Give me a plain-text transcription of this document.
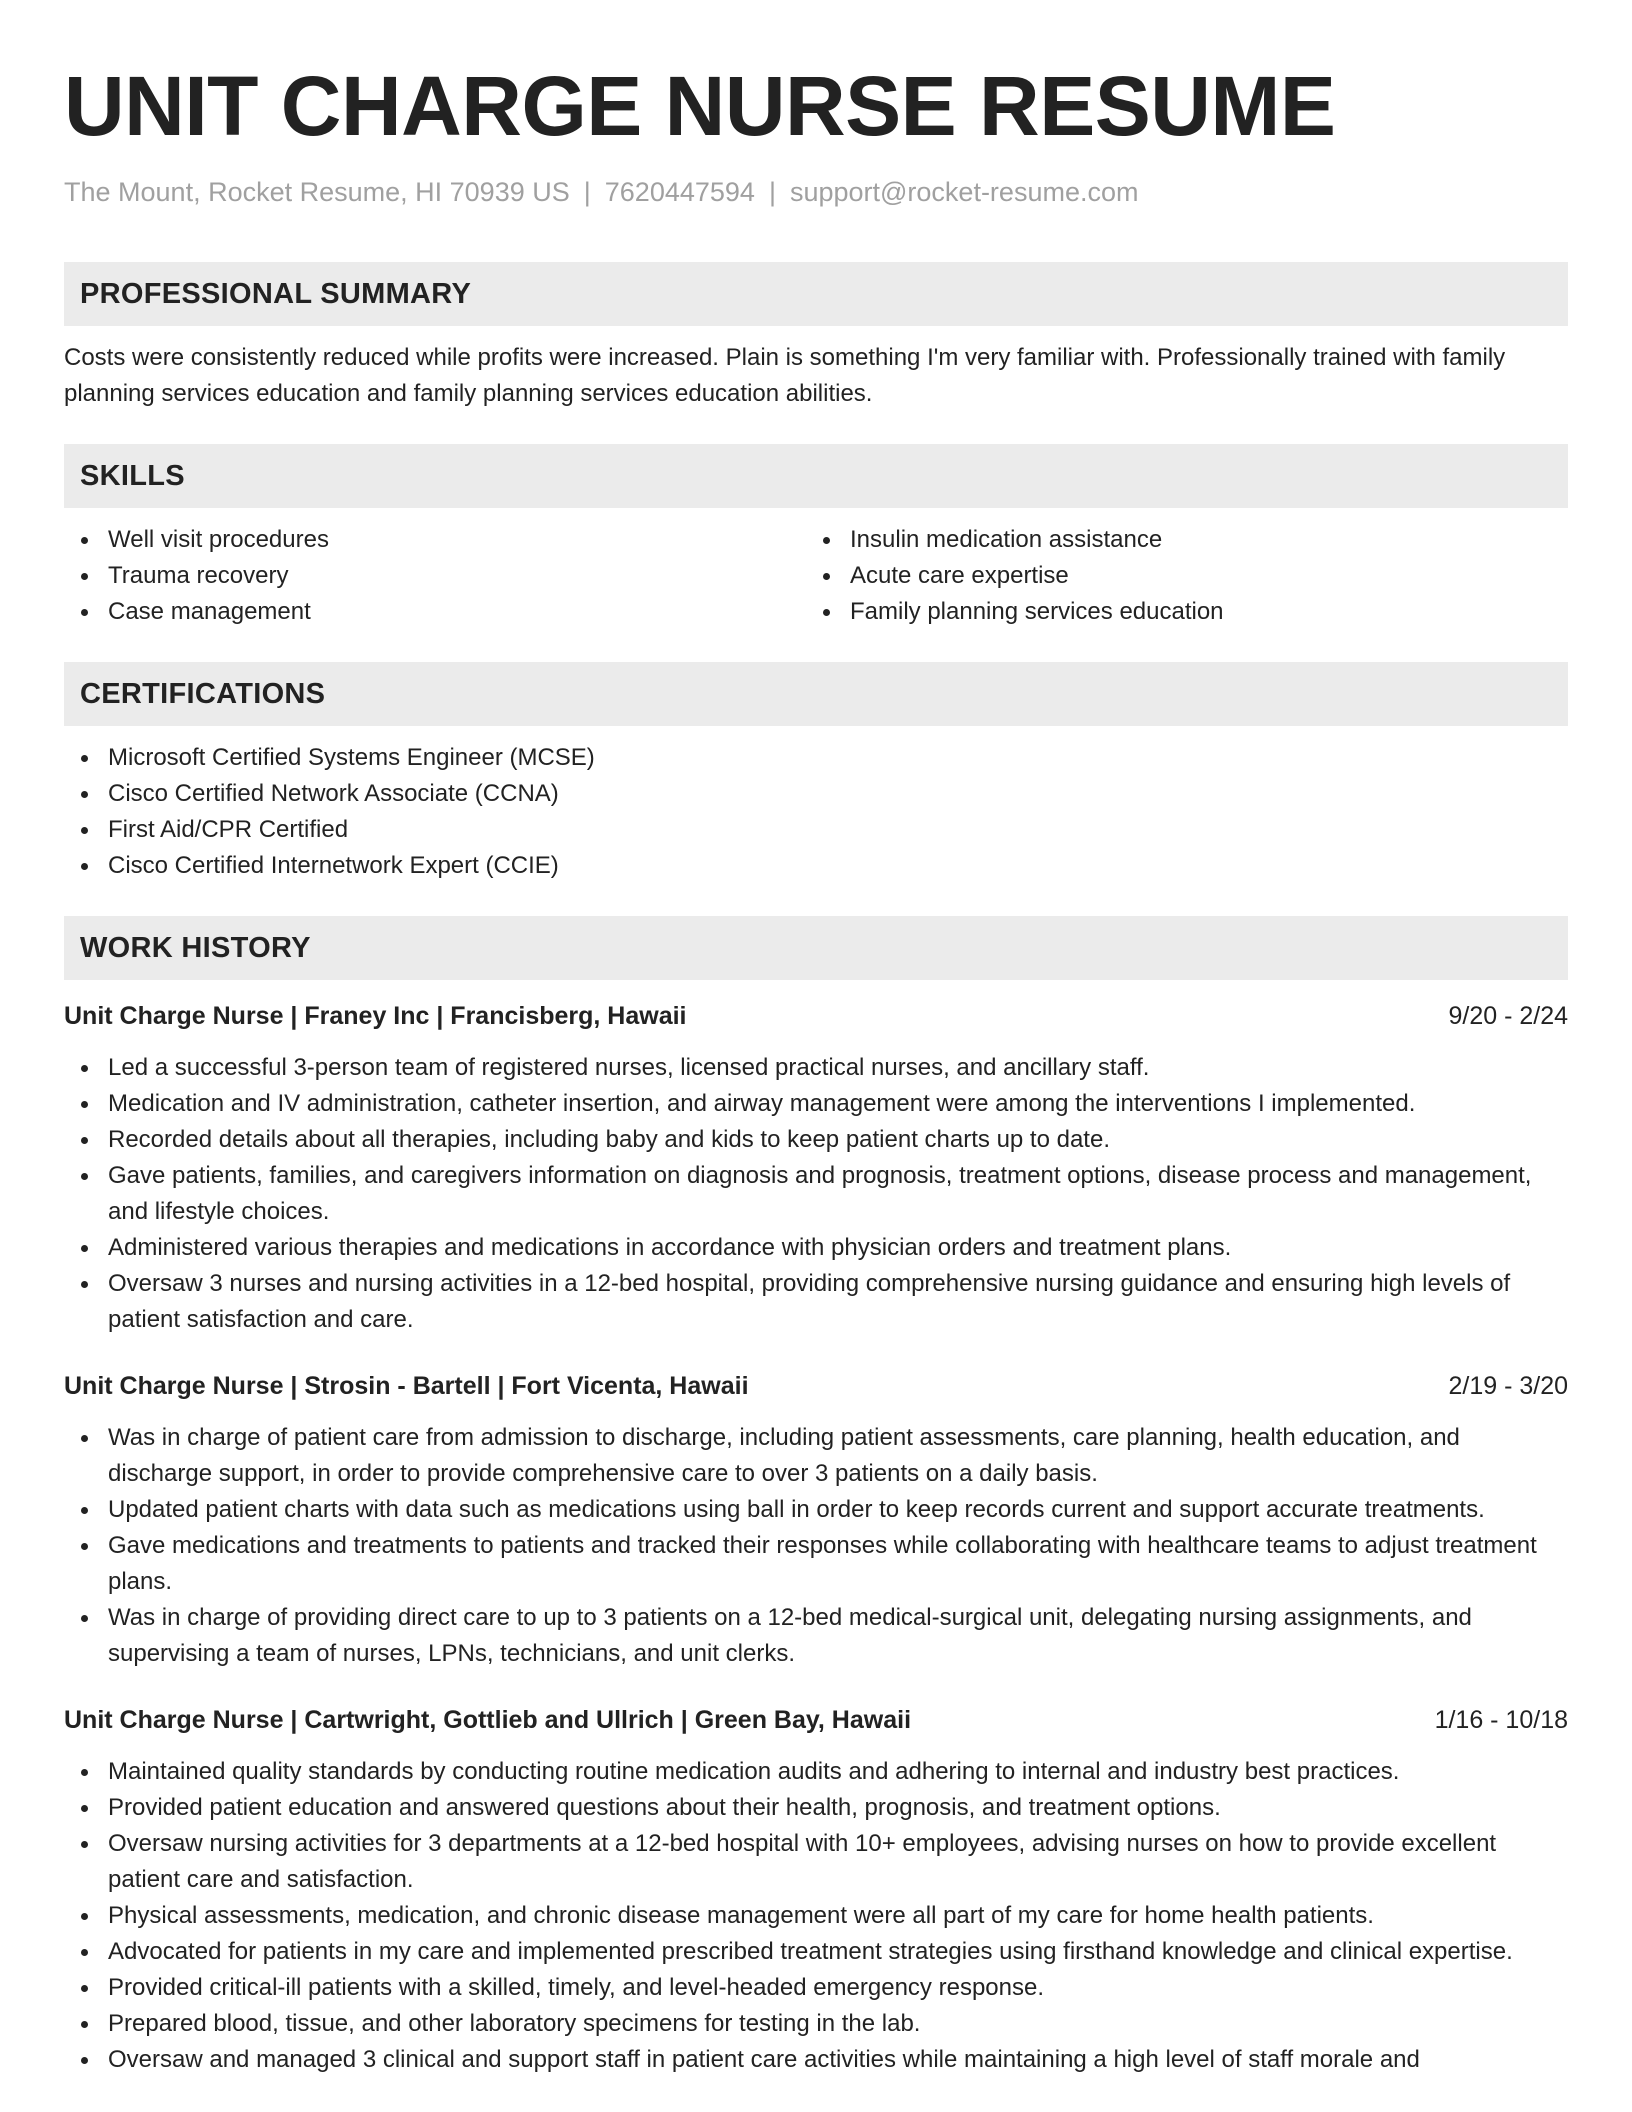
UNIT CHARGE NURSE RESUME
The Mount, Rocket Resume, HI 70939 US | 7620447594 | support@rocket-resume.com
PROFESSIONAL SUMMARY

Costs were consistently reduced while profits were increased. Plain is something I'm very familiar with. Professionally trained with family planning services education and family planning services education abilities.

SKILLS
Well visit procedures
Trauma recovery
Case management
Insulin medication assistance
Acute care expertise
Family planning services education
CERTIFICATIONS
Microsoft Certified Systems Engineer (MCSE)
Cisco Certified Network Associate (CCNA)
First Aid/CPR Certified
Cisco Certified Internetwork Expert (CCIE)
WORK HISTORY
Unit Charge Nurse | Franey Inc | Francisberg, Hawaii	9/20 - 2/24
Led a successful 3-person team of registered nurses, licensed practical nurses, and ancillary staff.
Medication and IV administration, catheter insertion, and airway management were among the interventions I implemented.
Recorded details about all therapies, including baby and kids to keep patient charts up to date.
Gave patients, families, and caregivers information on diagnosis and prognosis, treatment options, disease process and management, and lifestyle choices.
Administered various therapies and medications in accordance with physician orders and treatment plans.
Oversaw 3 nurses and nursing activities in a 12-bed hospital, providing comprehensive nursing guidance and ensuring high levels of patient satisfaction and care.
Unit Charge Nurse | Strosin - Bartell | Fort Vicenta, Hawaii	2/19 - 3/20
Was in charge of patient care from admission to discharge, including patient assessments, care planning, health education, and discharge support, in order to provide comprehensive care to over 3 patients on a daily basis.
Updated patient charts with data such as medications using ball in order to keep records current and support accurate treatments.
Gave medications and treatments to patients and tracked their responses while collaborating with healthcare teams to adjust treatment plans.
Was in charge of providing direct care to up to 3 patients on a 12-bed medical-surgical unit, delegating nursing assignments, and supervising a team of nurses, LPNs, technicians, and unit clerks.
Unit Charge Nurse | Cartwright, Gottlieb and Ullrich | Green Bay, Hawaii	1/16 - 10/18
Maintained quality standards by conducting routine medication audits and adhering to internal and industry best practices.
Provided patient education and answered questions about their health, prognosis, and treatment options.
Oversaw nursing activities for 3 departments at a 12-bed hospital with 10+ employees, advising nurses on how to provide excellent patient care and satisfaction.
Physical assessments, medication, and chronic disease management were all part of my care for home health patients.
Advocated for patients in my care and implemented prescribed treatment strategies using firsthand knowledge and clinical expertise.
Provided critical-ill patients with a skilled, timely, and level-headed emergency response.
Prepared blood, tissue, and other laboratory specimens for testing in the lab.
Oversaw and managed 3 clinical and support staff in patient care activities while maintaining a high level of staff morale and
